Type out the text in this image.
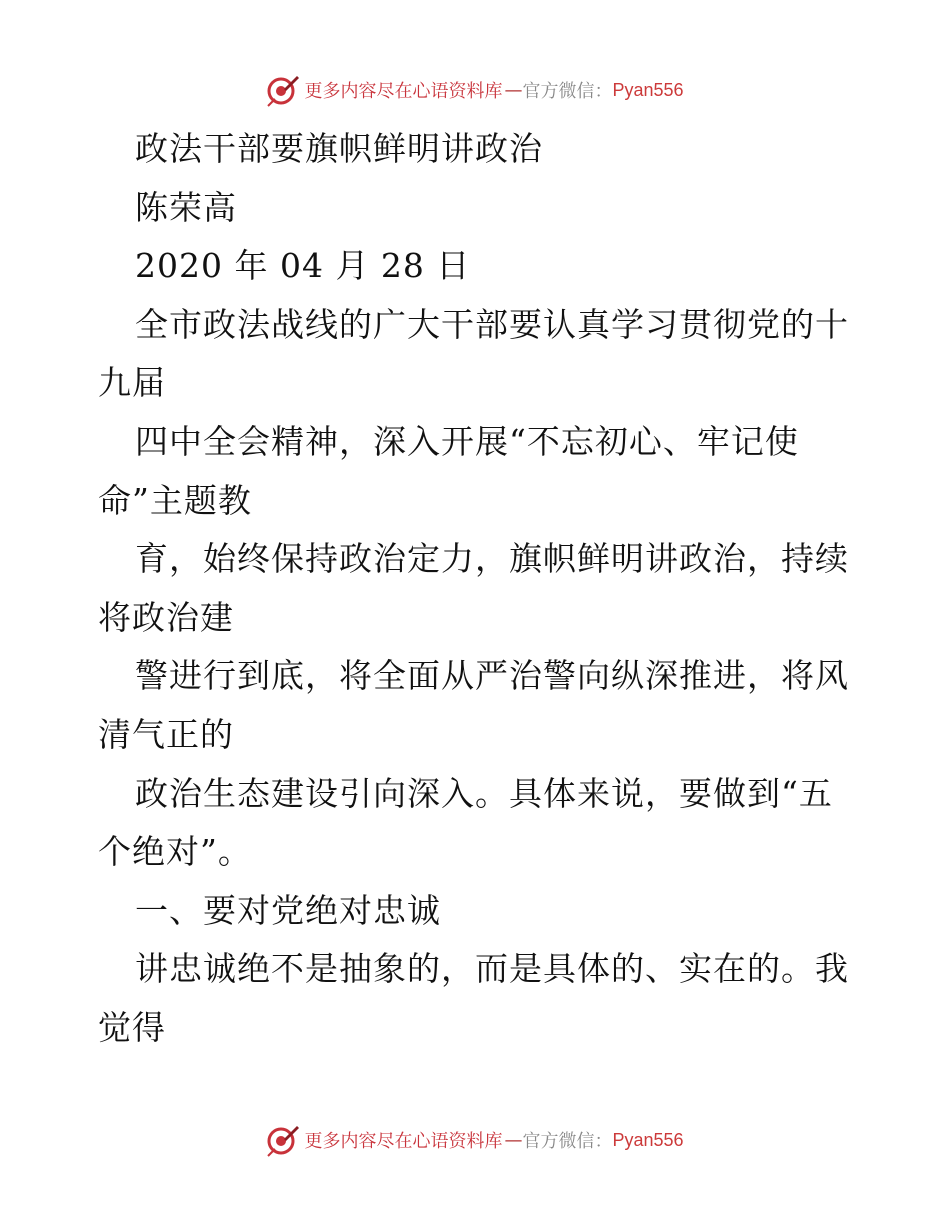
更多内容尽在心语资料库 — 官方微信： Pyan556
政法干部要旗帜鲜明讲政治
陈荣高
2020 年 04 月 28 日
全市政法战线的广大干部要认真学习贯彻党的十
九届
四中全会精神，深入开展“不忘初心、牢记使
命”主题教
育，始终保持政治定力，旗帜鲜明讲政治，持续
将政治建
警进行到底，将全面从严治警向纵深推进，将风
清气正的
政治生态建设引向深入。具体来说，要做到“五
个绝对”。
一、要对党绝对忠诚
讲忠诚绝不是抽象的，而是具体的、实在的。我
觉得
更多内容尽在心语资料库 — 官方微信： Pyan556
